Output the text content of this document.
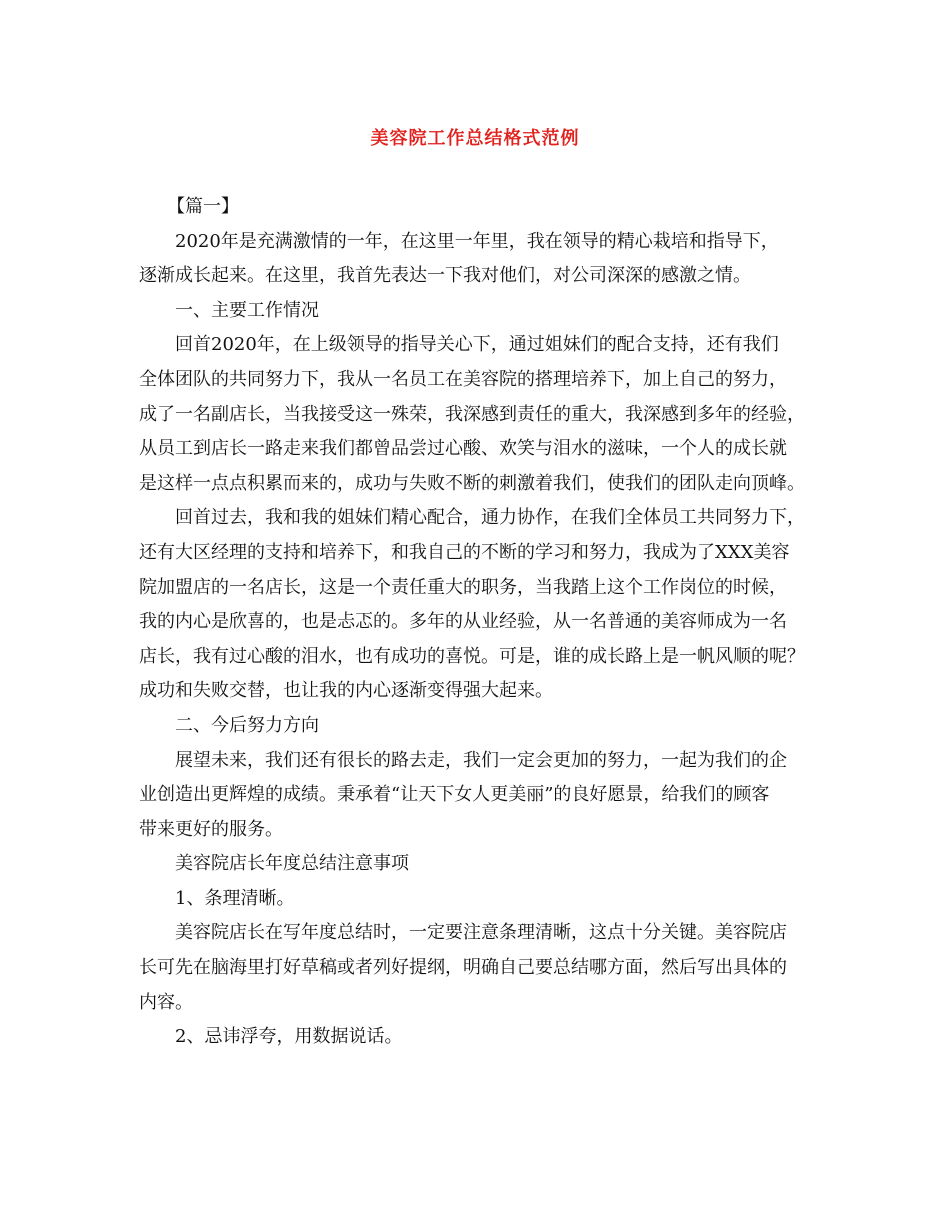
美容院工作总结格式范例
【篇一】
2020年是充满激情的一年，在这里一年里，我在领导的精心栽培和指导下，
逐渐成长起来。在这里，我首先表达一下我对他们，对公司深深的感激之情。
一、主要工作情况
回首2020年，在上级领导的指导关心下，通过姐妹们的配合支持，还有我们
全体团队的共同努力下，我从一名员工在美容院的搭理培养下，加上自己的努力，
成了一名副店长，当我接受这一殊荣，我深感到责任的重大，我深感到多年的经验，
从员工到店长一路走来我们都曾品尝过心酸、欢笑与泪水的滋味，一个人的成长就
是这样一点点积累而来的，成功与失败不断的刺激着我们，使我们的团队走向顶峰。
回首过去，我和我的姐妹们精心配合，通力协作，在我们全体员工共同努力下，
还有大区经理的支持和培养下，和我自己的不断的学习和努力，我成为了XXX美容
院加盟店的一名店长，这是一个责任重大的职务，当我踏上这个工作岗位的时候，
我的内心是欣喜的，也是忐忑的。多年的从业经验，从一名普通的美容师成为一名
店长，我有过心酸的泪水，也有成功的喜悦。可是，谁的成长路上是一帆风顺的呢？
成功和失败交替，也让我的内心逐渐变得强大起来。
二、今后努力方向
展望未来，我们还有很长的路去走，我们一定会更加的努力，一起为我们的企
业创造出更辉煌的成绩。秉承着“让天下女人更美丽”的良好愿景，给我们的顾客
带来更好的服务。
美容院店长年度总结注意事项
1、条理清晰。
美容院店长在写年度总结时，一定要注意条理清晰，这点十分关键。美容院店
长可先在脑海里打好草稿或者列好提纲，明确自己要总结哪方面，然后写出具体的
内容。
2、忌讳浮夸，用数据说话。
